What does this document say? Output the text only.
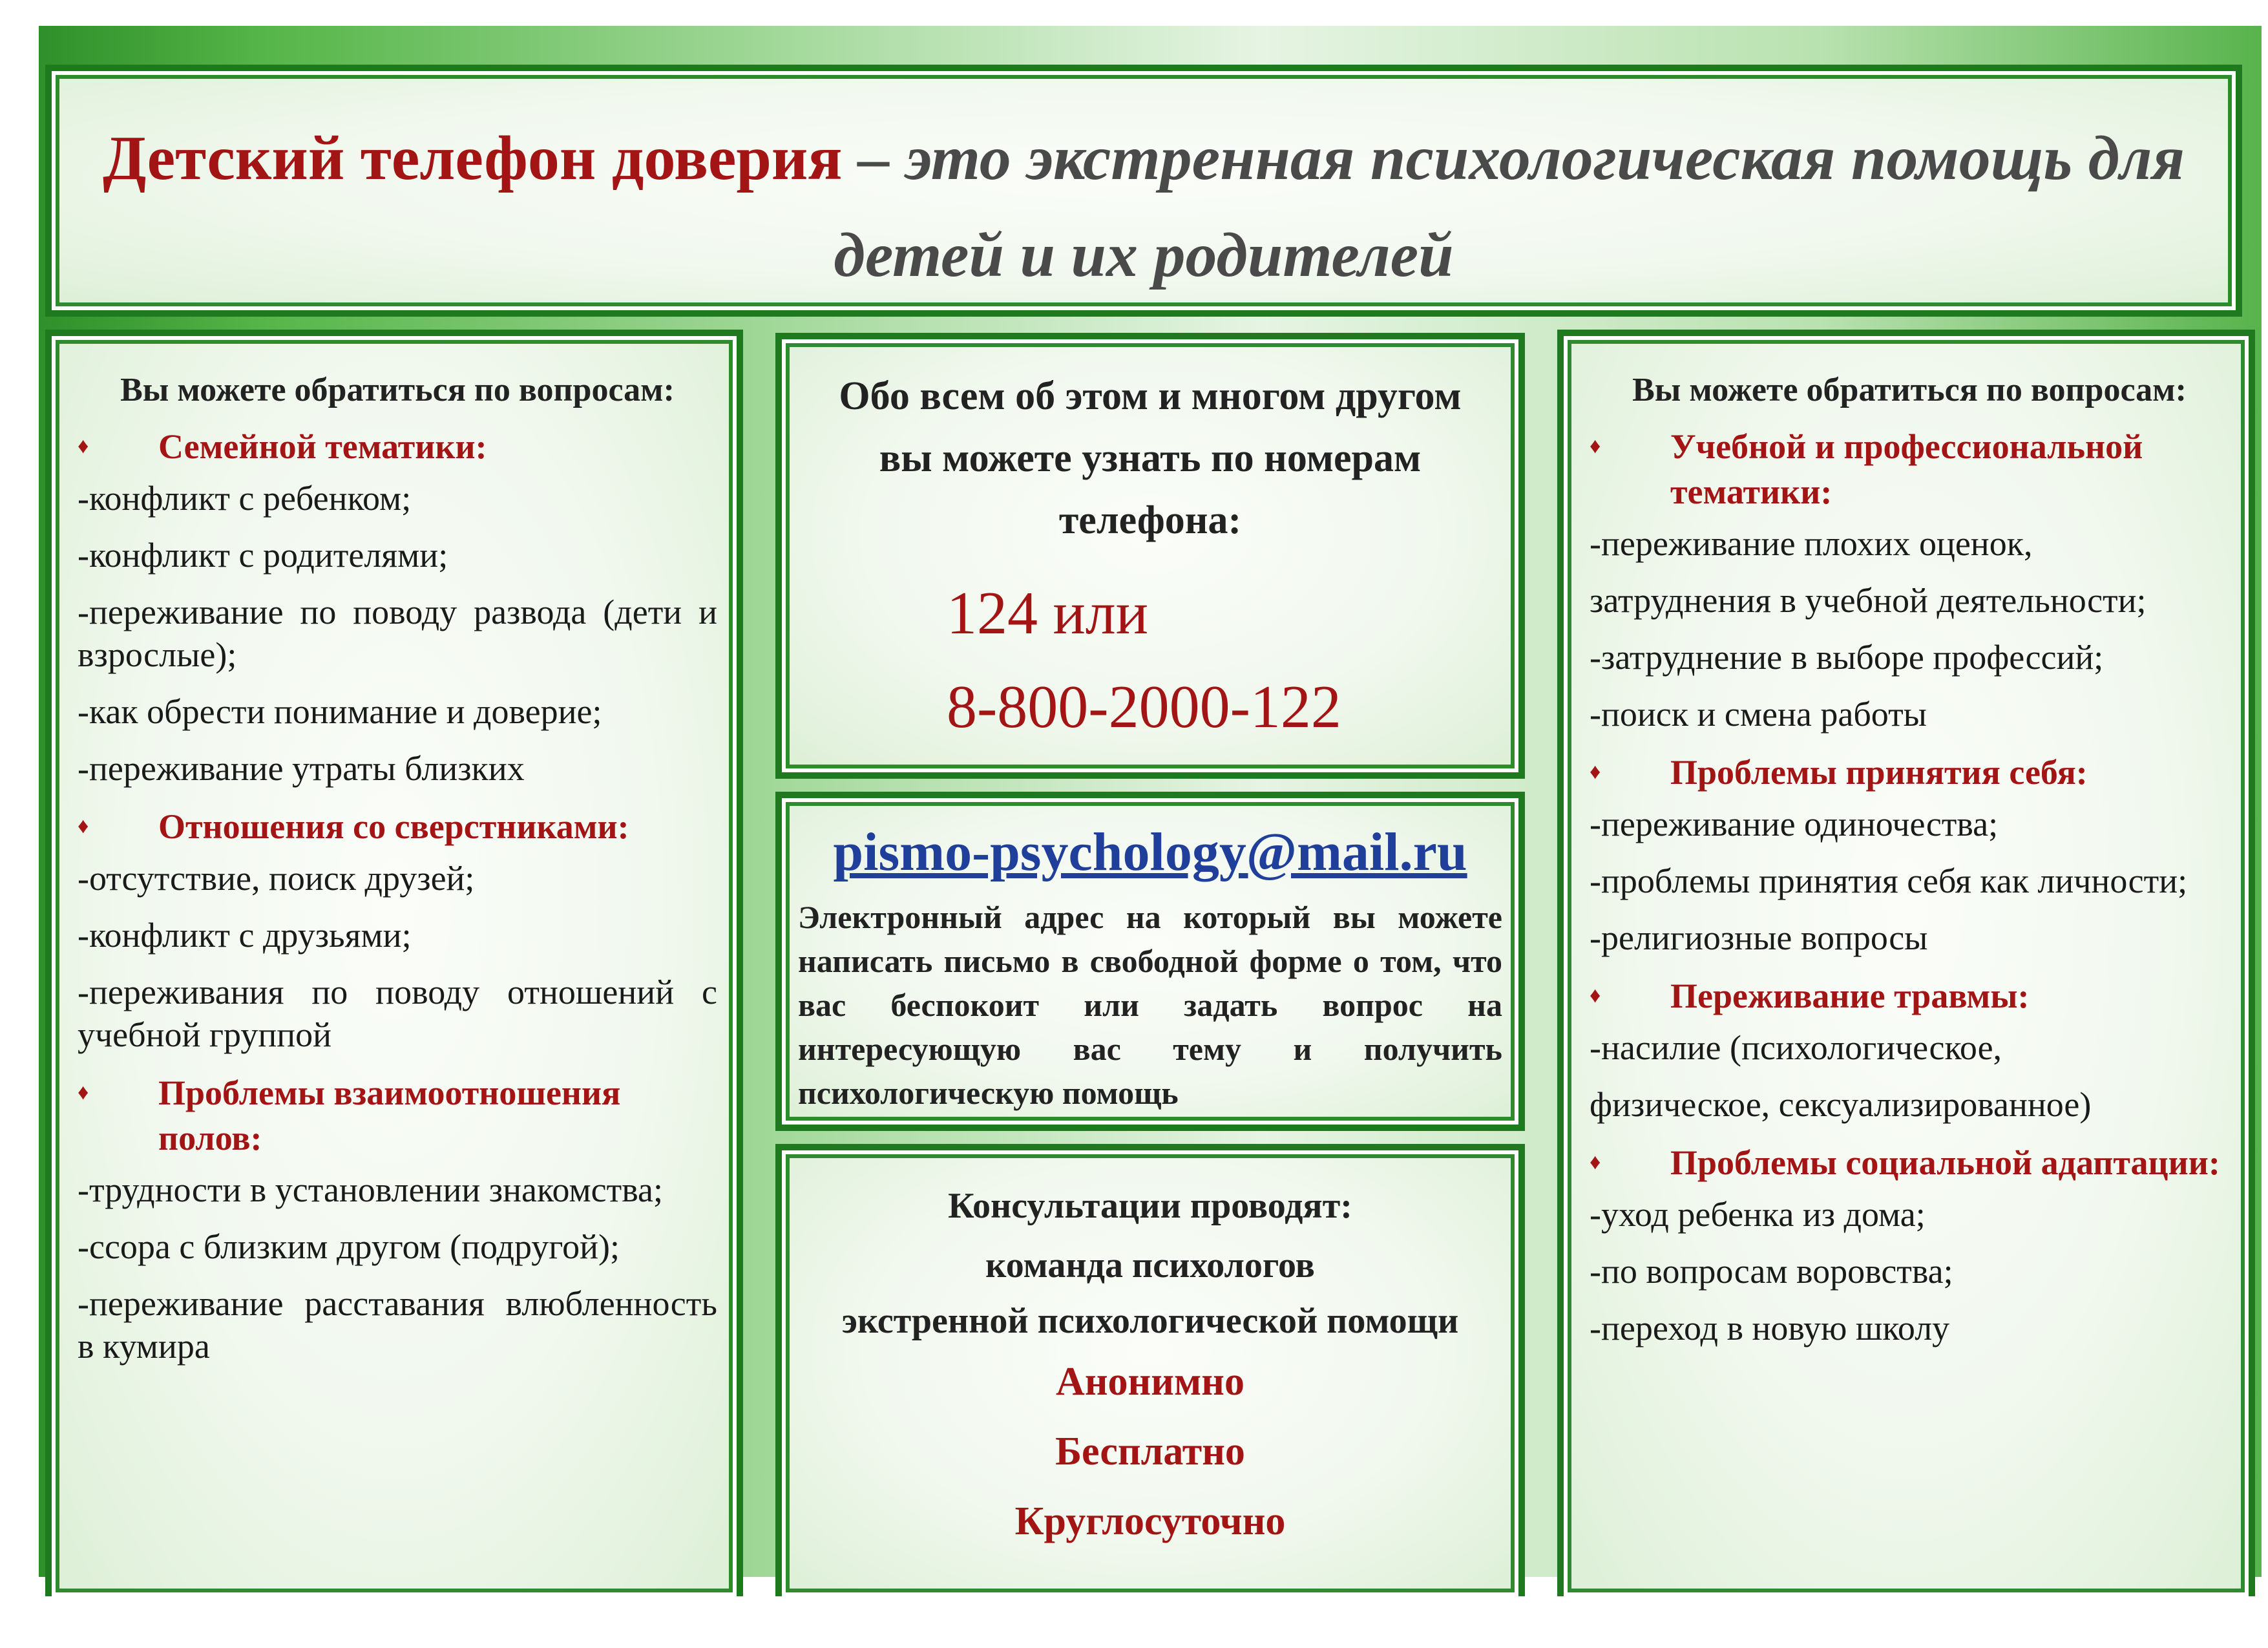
Детский телефон доверия – это экстренная психологическая помощь для детей и их родителей
Вы можете обратиться по вопросам:
♦ Семейной тематики:
-конфликт с ребенком;
-конфликт с родителями;
-переживание по поводу развода (дети и взрослые);
-как обрести понимание и доверие;
-переживание утраты близких
♦ Отношения со сверстниками:
-отсутствие, поиск друзей;
-конфликт с друзьями;
-переживания по поводу отношений с учебной группой
♦ Проблемы взаимоотношения полов:
-трудности в установлении знакомства;
-ссора с близким другом (подругой);
-переживание расставания влюбленность в кумира
Обо всем об этом и многом другом вы можете узнать по номерам телефона:
124 или
8-800-2000-122
pismo-psychology@mail.ru
Электронный адрес на который вы можете написать письмо в свободной форме о том, что вас беспокоит или задать вопрос на интересующую вас тему и получить психологическую помощь
Консультации проводят:
команда психологов
экстренной психологической помощи
Анонимно
Бесплатно
Круглосуточно
Вы можете обратиться по вопросам:
♦ Учебной и профессиональной тематики:
-переживание плохих оценок,
затруднения в учебной деятельности;
-затруднение в выборе профессий;
-поиск и смена работы
♦ Проблемы принятия себя:
-переживание одиночества;
-проблемы принятия себя как личности;
-религиозные вопросы
♦ Переживание травмы:
-насилие (психологическое,
физическое, сексуализированное)
♦ Проблемы социальной адаптации:
-уход ребенка из дома;
-по вопросам воровства;
-переход в новую школу
